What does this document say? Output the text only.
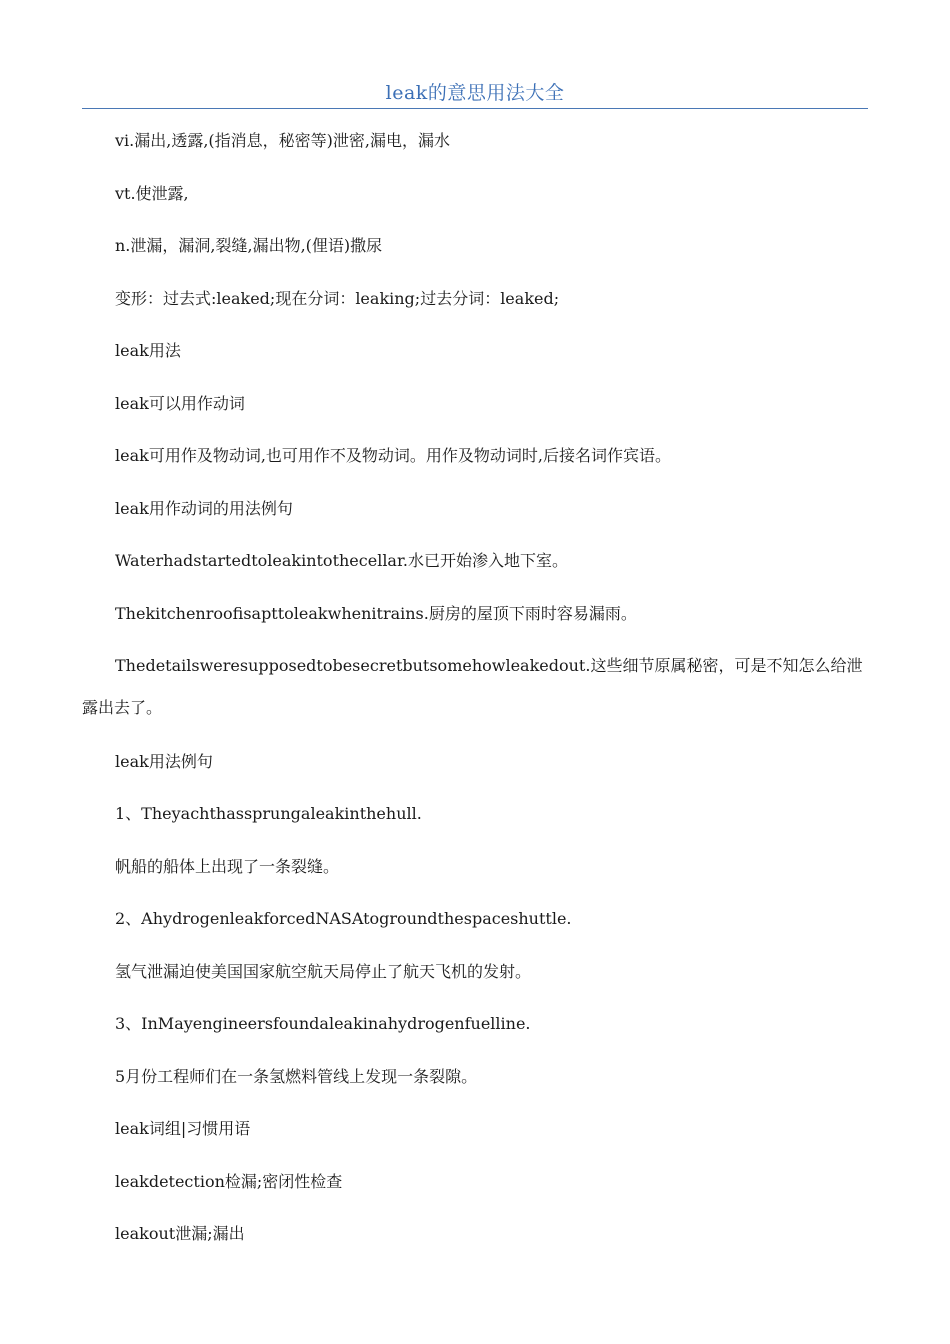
leak的意思用法大全

vi.漏出,透露,(指消息，秘密等)泄密,漏电，漏水

vt.使泄露,

n.泄漏，漏洞,裂缝,漏出物,(俚语)撒尿

变形：过去式:leaked;现在分词：leaking;过去分词：leaked;

leak用法

leak可以用作动词

leak可用作及物动词,也可用作不及物动词。用作及物动词时,后接名词作宾语。

leak用作动词的用法例句

Waterhadstartedtoleakintothecellar.水已开始渗入地下室。

Thekitchenroofisapttoleakwhenitrains.厨房的屋顶下雨时容易漏雨。

Thedetailsweresupposedtobesecretbutsomehowleakedout.这些细节原属秘密，可是不知怎么给泄露出去了。

leak用法例句

1、Theyachthassprungaleakinthehull.

帆船的船体上出现了一条裂缝。

2、AhydrogenleakforcedNASAtogroundthespaceshuttle.

氢气泄漏迫使美国国家航空航天局停止了航天飞机的发射。

3、InMayengineersfoundaleakinahydrogenfuelline.

5月份工程师们在一条氢燃料管线上发现一条裂隙。

leak词组|习惯用语

leakdetection检漏;密闭性检查

leakout泄漏;漏出
